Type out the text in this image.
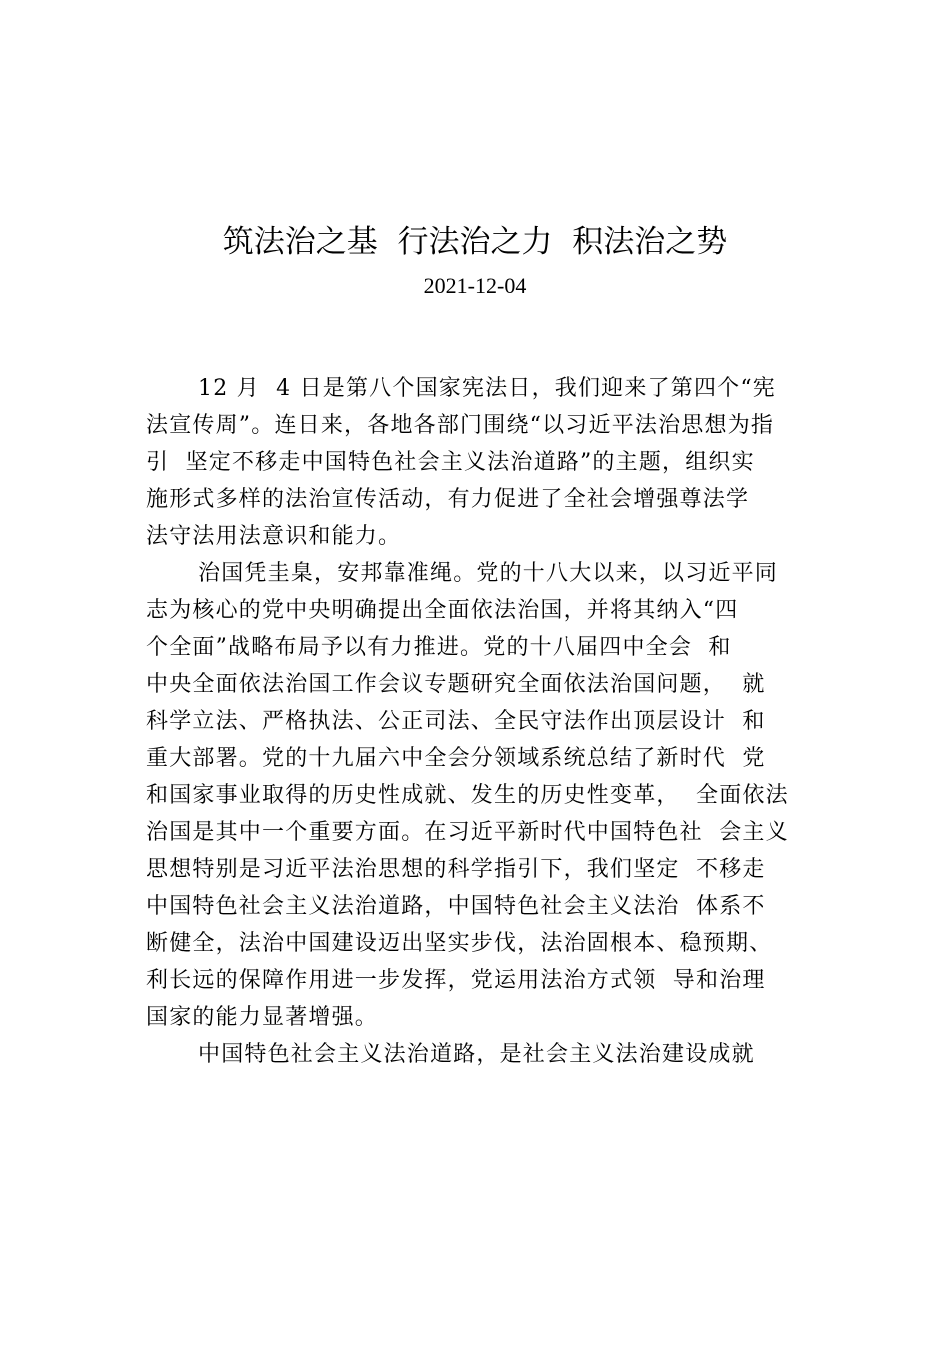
筑法治之基  行法治之力  积法治之势
2021-12-04
12 月  4 日是第八个国家宪法日，我们迎来了第四个“宪
法宣传周”。连日来，各地各部门围绕“以习近平法治思想为指
引  坚定不移走中国特色社会主义法治道路”的主题，组织实
施形式多样的法治宣传活动，有力促进了全社会增强尊法学
法守法用法意识和能力。
治国凭圭臬，安邦靠准绳。党的十八大以来，以习近平同
志为核心的党中央明确提出全面依法治国，并将其纳入“四
个全面”战略布局予以有力推进。党的十八届四中全会  和
中央全面依法治国工作会议专题研究全面依法治国问题，  就
科学立法、严格执法、公正司法、全民守法作出顶层设计  和
重大部署。党的十九届六中全会分领域系统总结了新时代  党
和国家事业取得的历史性成就、发生的历史性变革，  全面依法
治国是其中一个重要方面。在习近平新时代中国特色社  会主义
思想特别是习近平法治思想的科学指引下，我们坚定  不移走
中国特色社会主义法治道路，中国特色社会主义法治  体系不
断健全，法治中国建设迈出坚实步伐，法治固根本、稳预期、
利长远的保障作用进一步发挥，党运用法治方式领  导和治理
国家的能力显著增强。
中国特色社会主义法治道路，是社会主义法治建设成就
